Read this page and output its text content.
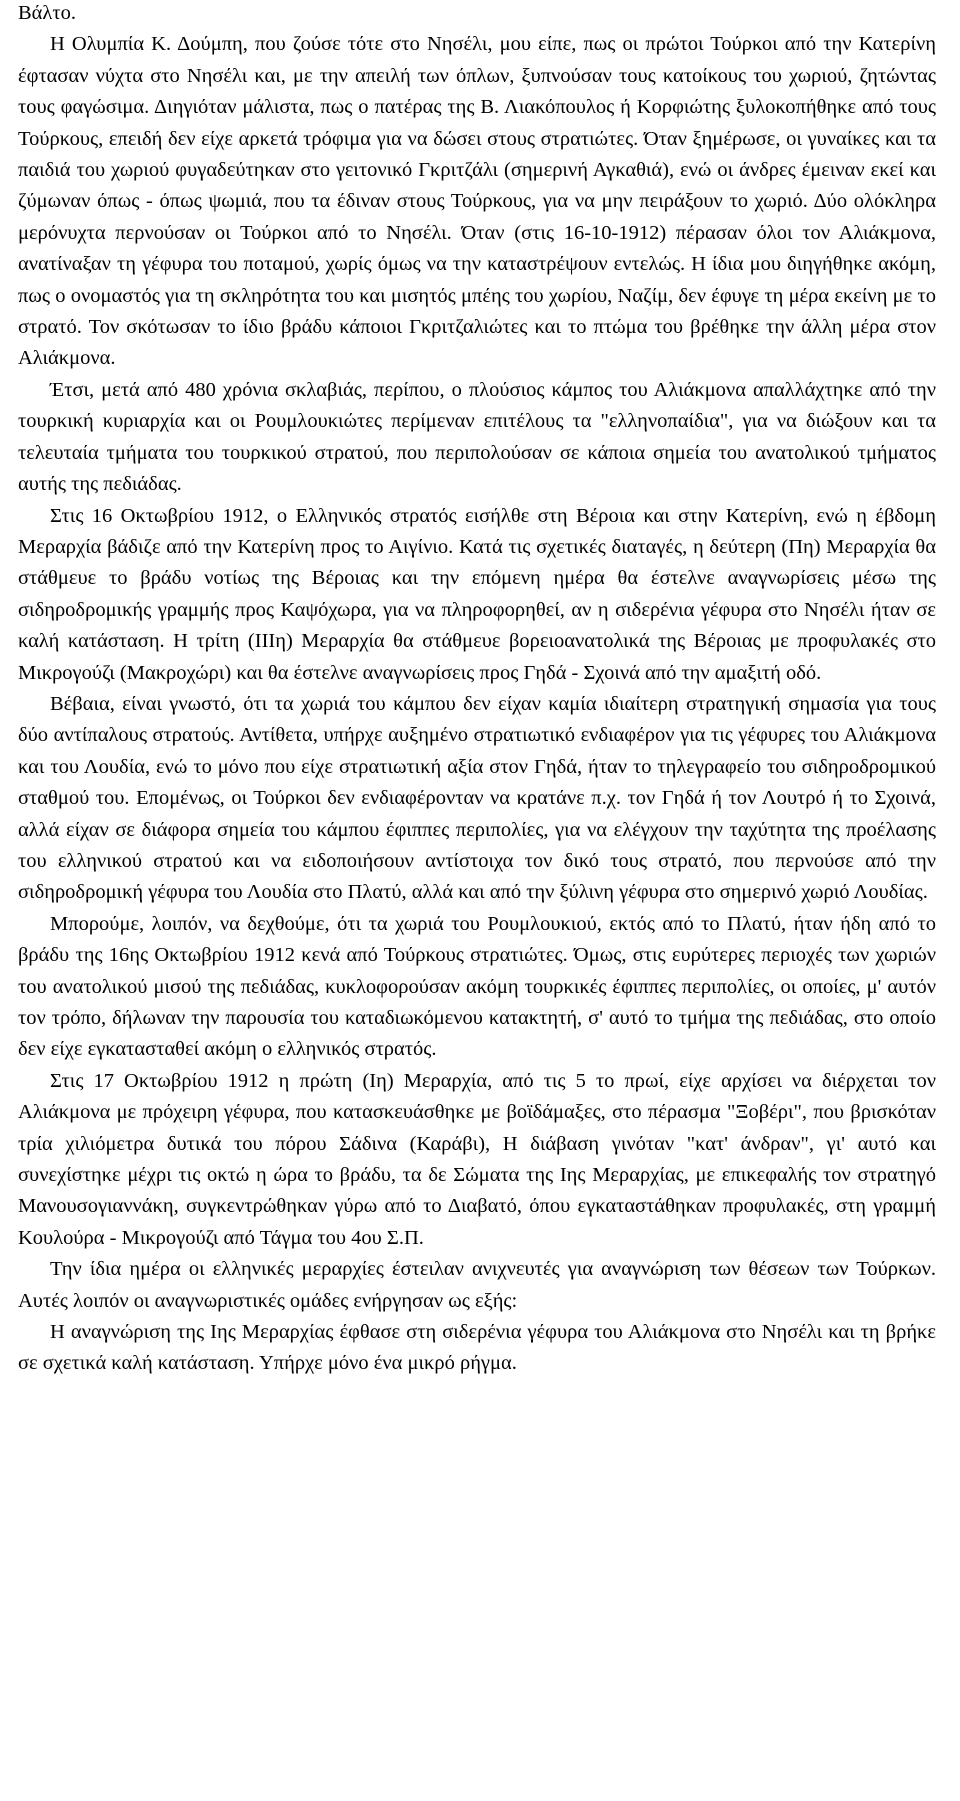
Βάλτο.

Η Ολυμπία Κ. Δούμπη, που ζούσε τότε στο Νησέλι, μου είπε, πως οι πρώτοι Τούρκοι από την Κατερίνη έφτασαν νύχτα στο Νησέλι και, με την απειλή των όπλων, ξυπνούσαν τους κατοίκους του χωριού, ζητώντας τους φαγώσιμα. Διηγιόταν μάλιστα, πως ο πατέρας της Β. Λιακόπουλος ή Κορφιώτης ξυλοκοπήθηκε από τους Τούρκους, επειδή δεν είχε αρκετά τρόφιμα για να δώσει στους στρατιώτες. Όταν ξημέρωσε, οι γυναίκες και τα παιδιά του χωριού φυγαδεύτηκαν στο γειτονικό Γκριτζάλι (σημερινή Αγκαθιά), ενώ οι άνδρες έμειναν εκεί και ζύμωναν όπως - όπως ψωμιά, που τα έδιναν στους Τούρκους, για να μην πειράξουν το χωριό. Δύο ολόκληρα μερόνυχτα περνούσαν οι Τούρκοι από το Νησέλι. Όταν (στις 16-10-1912) πέρασαν όλοι τον Αλιάκμονα, ανατίναξαν τη γέφυρα του ποταμού, χωρίς όμως να την καταστρέψουν εντελώς. Η ίδια μου διηγήθηκε ακόμη, πως ο ονομαστός για τη σκληρότητα του και μισητός μπέης του χωρίου, Ναζίμ, δεν έφυγε τη μέρα εκείνη με το στρατό. Τον σκότωσαν το ίδιο βράδυ κάποιοι Γκριτζαλιώτες και το πτώμα του βρέθηκε την άλλη μέρα στον Αλιάκμονα.

Έτσι, μετά από 480 χρόνια σκλαβιάς, περίπου, ο πλούσιος κάμπος του Αλιάκμονα απαλλάχτηκε από την τουρκική κυριαρχία και οι Ρουμλουκιώτες περίμεναν επιτέλους τα "ελληνοπαίδια", για να διώξουν και τα τελευταία τμήματα του τουρκικού στρατού, που περιπολούσαν σε κάποια σημεία του ανατολικού τμήματος αυτής της πεδιάδας.

Στις 16 Οκτωβρίου 1912, ο Ελληνικός στρατός εισήλθε στη Βέροια και στην Κατερίνη, ενώ η έβδομη Μεραρχία βάδιζε από την Κατερίνη προς το Αιγίνιο. Κατά τις σχετικές διαταγές, η δεύτερη (Πη) Μεραρχία θα στάθμευε το βράδυ νοτίως της Βέροιας και την επόμενη ημέρα θα έστελνε αναγνωρίσεις μέσω της σιδηροδρομικής γραμμής προς Καψόχωρα, για να πληροφορηθεί, αν η σιδερένια γέφυρα στο Νησέλι ήταν σε καλή κατάσταση. Η τρίτη (ΙΙΙη) Μεραρχία θα στάθμευε βορειοανατολικά της Βέροιας με προφυλακές στο Μικρογούζι (Μακροχώρι) και θα έστελνε αναγνωρίσεις προς Γηδά - Σχοινά από την αμαξιτή οδό.

Βέβαια, είναι γνωστό, ότι τα χωριά του κάμπου δεν είχαν καμία ιδιαίτερη στρατηγική σημασία για τους δύο αντίπαλους στρατούς. Αντίθετα, υπήρχε αυξημένο στρατιωτικό ενδιαφέρον για τις γέφυρες του Αλιάκμονα και του Λουδία, ενώ το μόνο που είχε στρατιωτική αξία στον Γηδά, ήταν το τηλεγραφείο του σιδηροδρομικού σταθμού του. Επομένως, οι Τούρκοι δεν ενδιαφέρονταν να κρατάνε π.χ. τον Γηδά ή τον Λουτρό ή το Σχοινά, αλλά είχαν σε διάφορα σημεία του κάμπου έφιππες περιπολίες, για να ελέγχουν την ταχύτητα της προέλασης του ελληνικού στρατού και να ειδοποιήσουν αντίστοιχα τον δικό τους στρατό, που περνούσε από την σιδηροδρομική γέφυρα του Λουδία στο Πλατύ, αλλά και από την ξύλινη γέφυρα στο σημερινό χωριό Λουδίας.

Μπορούμε, λοιπόν, να δεχθούμε, ότι τα χωριά του Ρουμλουκιού, εκτός από το Πλατύ, ήταν ήδη από το βράδυ της 16ης Οκτωβρίου 1912 κενά από Τούρκους στρατιώτες. Όμως, στις ευρύτερες περιοχές των χωριών του ανατολικού μισού της πεδιάδας, κυκλοφορούσαν ακόμη τουρκικές έφιππες περιπολίες, οι οποίες, μ' αυτόν τον τρόπο, δήλωναν την παρουσία του καταδιωκόμενου κατακτητή, σ' αυτό το τμήμα της πεδιάδας, στο οποίο δεν είχε εγκατασταθεί ακόμη ο ελληνικός στρατός.

Στις 17 Οκτωβρίου 1912 η πρώτη (Ιη) Μεραρχία, από τις 5 το πρωί, είχε αρχίσει να διέρχεται τον Αλιάκμονα με πρόχειρη γέφυρα, που κατασκευάσθηκε με βοϊδάμαξες, στο πέρασμα "Ξοβέρι", που βρισκόταν τρία χιλιόμετρα δυτικά του πόρου Σάδινα (Καράβι), Η διάβαση γινόταν "κατ' άνδραν", γι' αυτό και συνεχίστηκε μέχρι τις οκτώ η ώρα το βράδυ, τα δε Σώματα της Ιης Μεραρχίας, με επικεφαλής τον στρατηγό Μανουσογιαννάκη, συγκεντρώθηκαν γύρω από το Διαβατό, όπου εγκαταστάθηκαν προφυλακές, στη γραμμή Κουλούρα - Μικρογούζι από Τάγμα του 4ου Σ.Π.

Την ίδια ημέρα οι ελληνικές μεραρχίες έστειλαν ανιχνευτές για αναγνώριση των θέσεων των Τούρκων. Αυτές λοιπόν οι αναγνωριστικές ομάδες ενήργησαν ως εξής:

Η αναγνώριση της Ιης Μεραρχίας έφθασε στη σιδερένια γέφυρα του Αλιάκμονα στο Νησέλι και τη βρήκε σε σχετικά καλή κατάσταση. Υπήρχε μόνο ένα μικρό ρήγμα.
